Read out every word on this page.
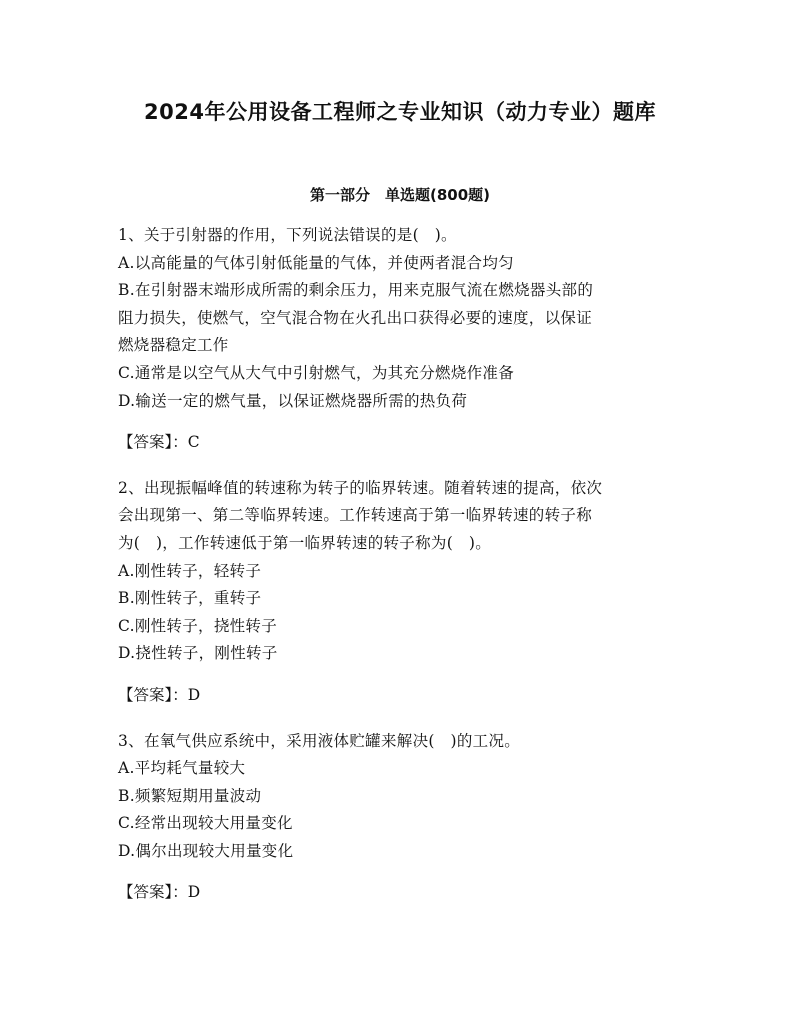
2024年公用设备工程师之专业知识（动力专业）题库
第一部分　单选题(800题)
1、关于引射器的作用，下列说法错误的是(　)。
A.以高能量的气体引射低能量的气体，并使两者混合均匀
B.在引射器末端形成所需的剩余压力，用来克服气流在燃烧器头部的
阻力损失，使燃气，空气混合物在火孔出口获得必要的速度，以保证
燃烧器稳定工作
C.通常是以空气从大气中引射燃气，为其充分燃烧作准备
D.输送一定的燃气量，以保证燃烧器所需的热负荷
【答案】：C
2、出现振幅峰值的转速称为转子的临界转速。随着转速的提高，依次
会出现第一、第二等临界转速。工作转速高于第一临界转速的转子称
为(　)，工作转速低于第一临界转速的转子称为(　)。
A.刚性转子，轻转子
B.刚性转子，重转子
C.刚性转子，挠性转子
D.挠性转子，刚性转子
【答案】：D
3、在氧气供应系统中，采用液体贮罐来解决(　)的工况。
A.平均耗气量较大
B.频繁短期用量波动
C.经常出现较大用量变化
D.偶尔出现较大用量变化
【答案】：D
